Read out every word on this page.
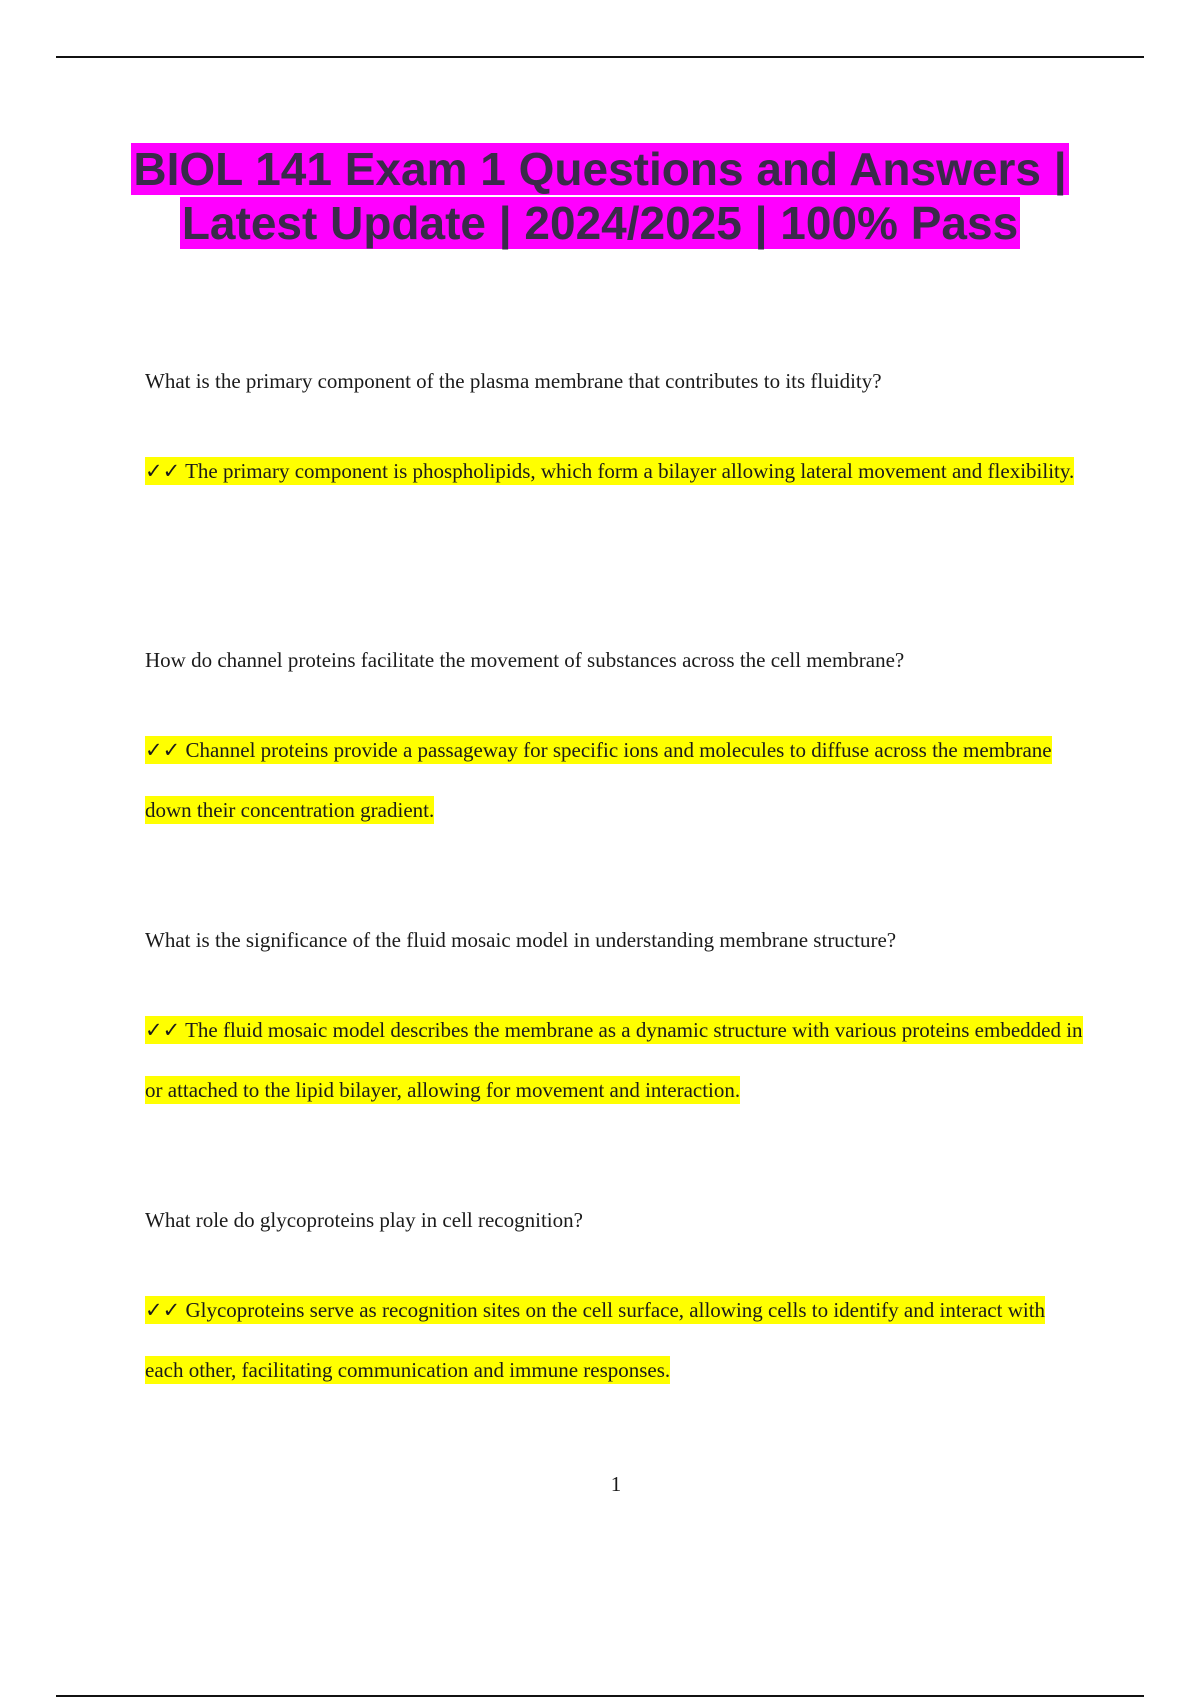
BIOL 141 Exam 1 Questions and Answers | Latest Update | 2024/2025 | 100% Pass

What is the primary component of the plasma membrane that contributes to its fluidity?

✓✓ The primary component is phospholipids, which form a bilayer allowing lateral movement and flexibility.

How do channel proteins facilitate the movement of substances across the cell membrane?

✓✓ Channel proteins provide a passageway for specific ions and molecules to diffuse across the membrane down their concentration gradient.

What is the significance of the fluid mosaic model in understanding membrane structure?

✓✓ The fluid mosaic model describes the membrane as a dynamic structure with various proteins embedded in or attached to the lipid bilayer, allowing for movement and interaction.

What role do glycoproteins play in cell recognition?

✓✓ Glycoproteins serve as recognition sites on the cell surface, allowing cells to identify and interact with each other, facilitating communication and immune responses.

1
